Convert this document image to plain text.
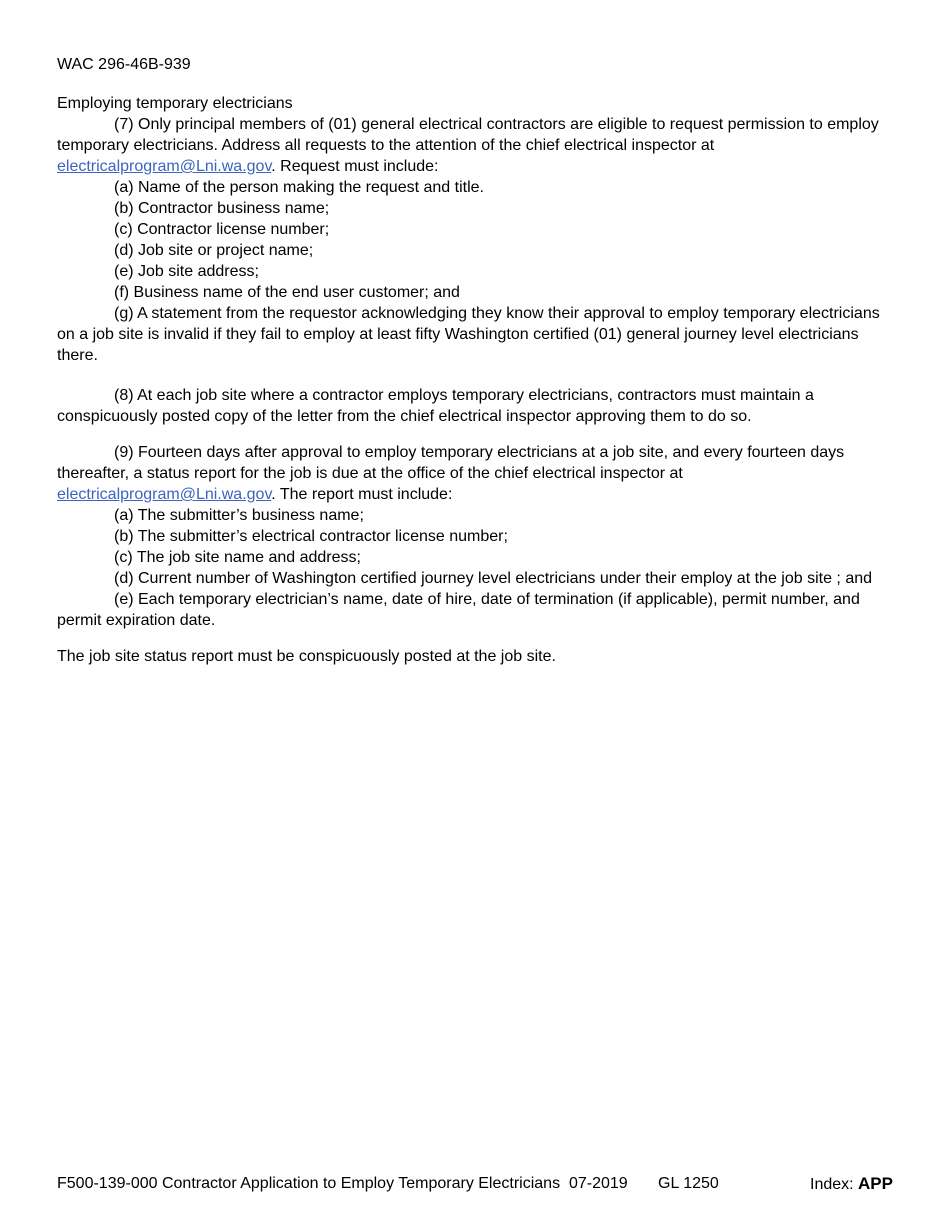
WAC 296-46B-939

Employing temporary electricians

(7) Only principal members of (01) general electrical contractors are eligible to request permission to employ temporary electricians. Address all requests to the attention of the chief electrical inspector at electricalprogram@Lni.wa.gov. Request must include:

(a) Name of the person making the request and title.

(b) Contractor business name;

(c) Contractor license number;

(d) Job site or project name;

(e) Job site address;

(f) Business name of the end user customer; and

(g) A statement from the requestor acknowledging they know their approval to employ temporary electricians on a job site is invalid if they fail to employ at least fifty Washington certified (01) general journey level electricians there.

(8) At each job site where a contractor employs temporary electricians, contractors must maintain a conspicuously posted copy of the letter from the chief electrical inspector approving them to do so.

(9) Fourteen days after approval to employ temporary electricians at a job site, and every fourteen days thereafter, a status report for the job is due at the office of the chief electrical inspector at electricalprogram@Lni.wa.gov. The report must include:

(a) The submitter’s business name;

(b) The submitter’s electrical contractor license number;

(c) The job site name and address;

(d) Current number of Washington certified journey level electricians under their employ at the job site ; and

(e) Each temporary electrician’s name, date of hire, date of termination (if applicable), permit number, and permit expiration date.

The job site status report must be conspicuously posted at the job site.

F500-139-000 Contractor Application to Employ Temporary Electricians  07-2019 GL 1250	Index: APP
